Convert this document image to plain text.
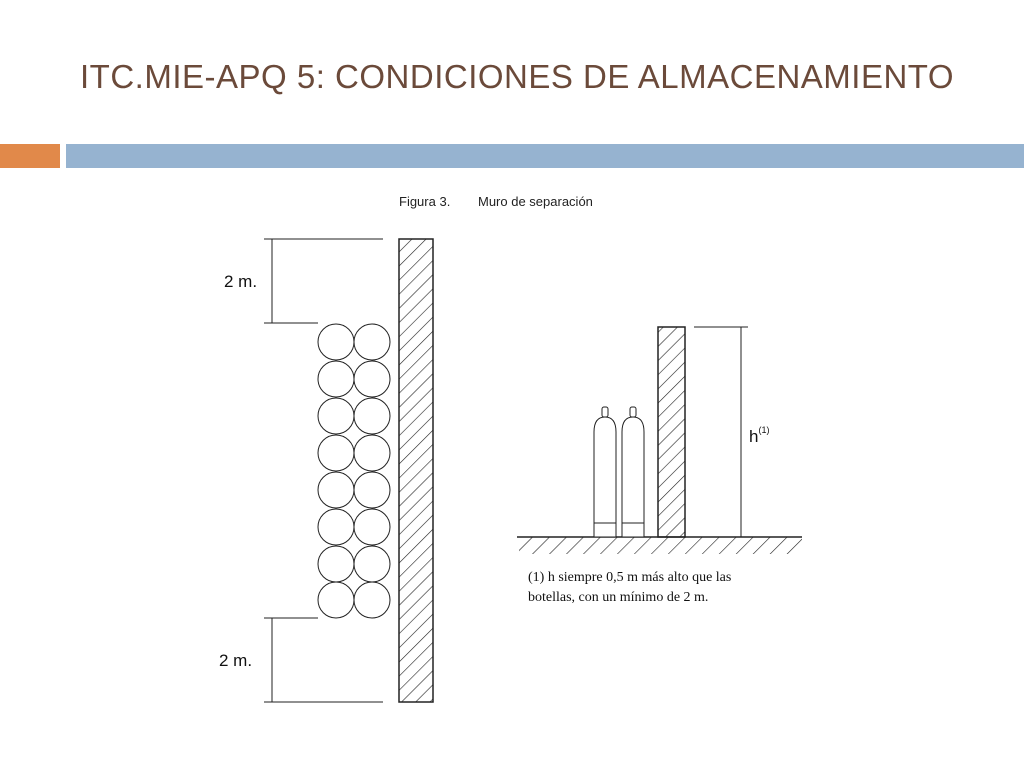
ITC.MIE-APQ 5: CONDICIONES DE ALMACENAMIENTO
Figura 3. Muro de separación
2 m.
2 m.
$h^{(1)}$
(1) h siempre 0,5 m más alto que las
botellas, con un mínimo de 2 m.
